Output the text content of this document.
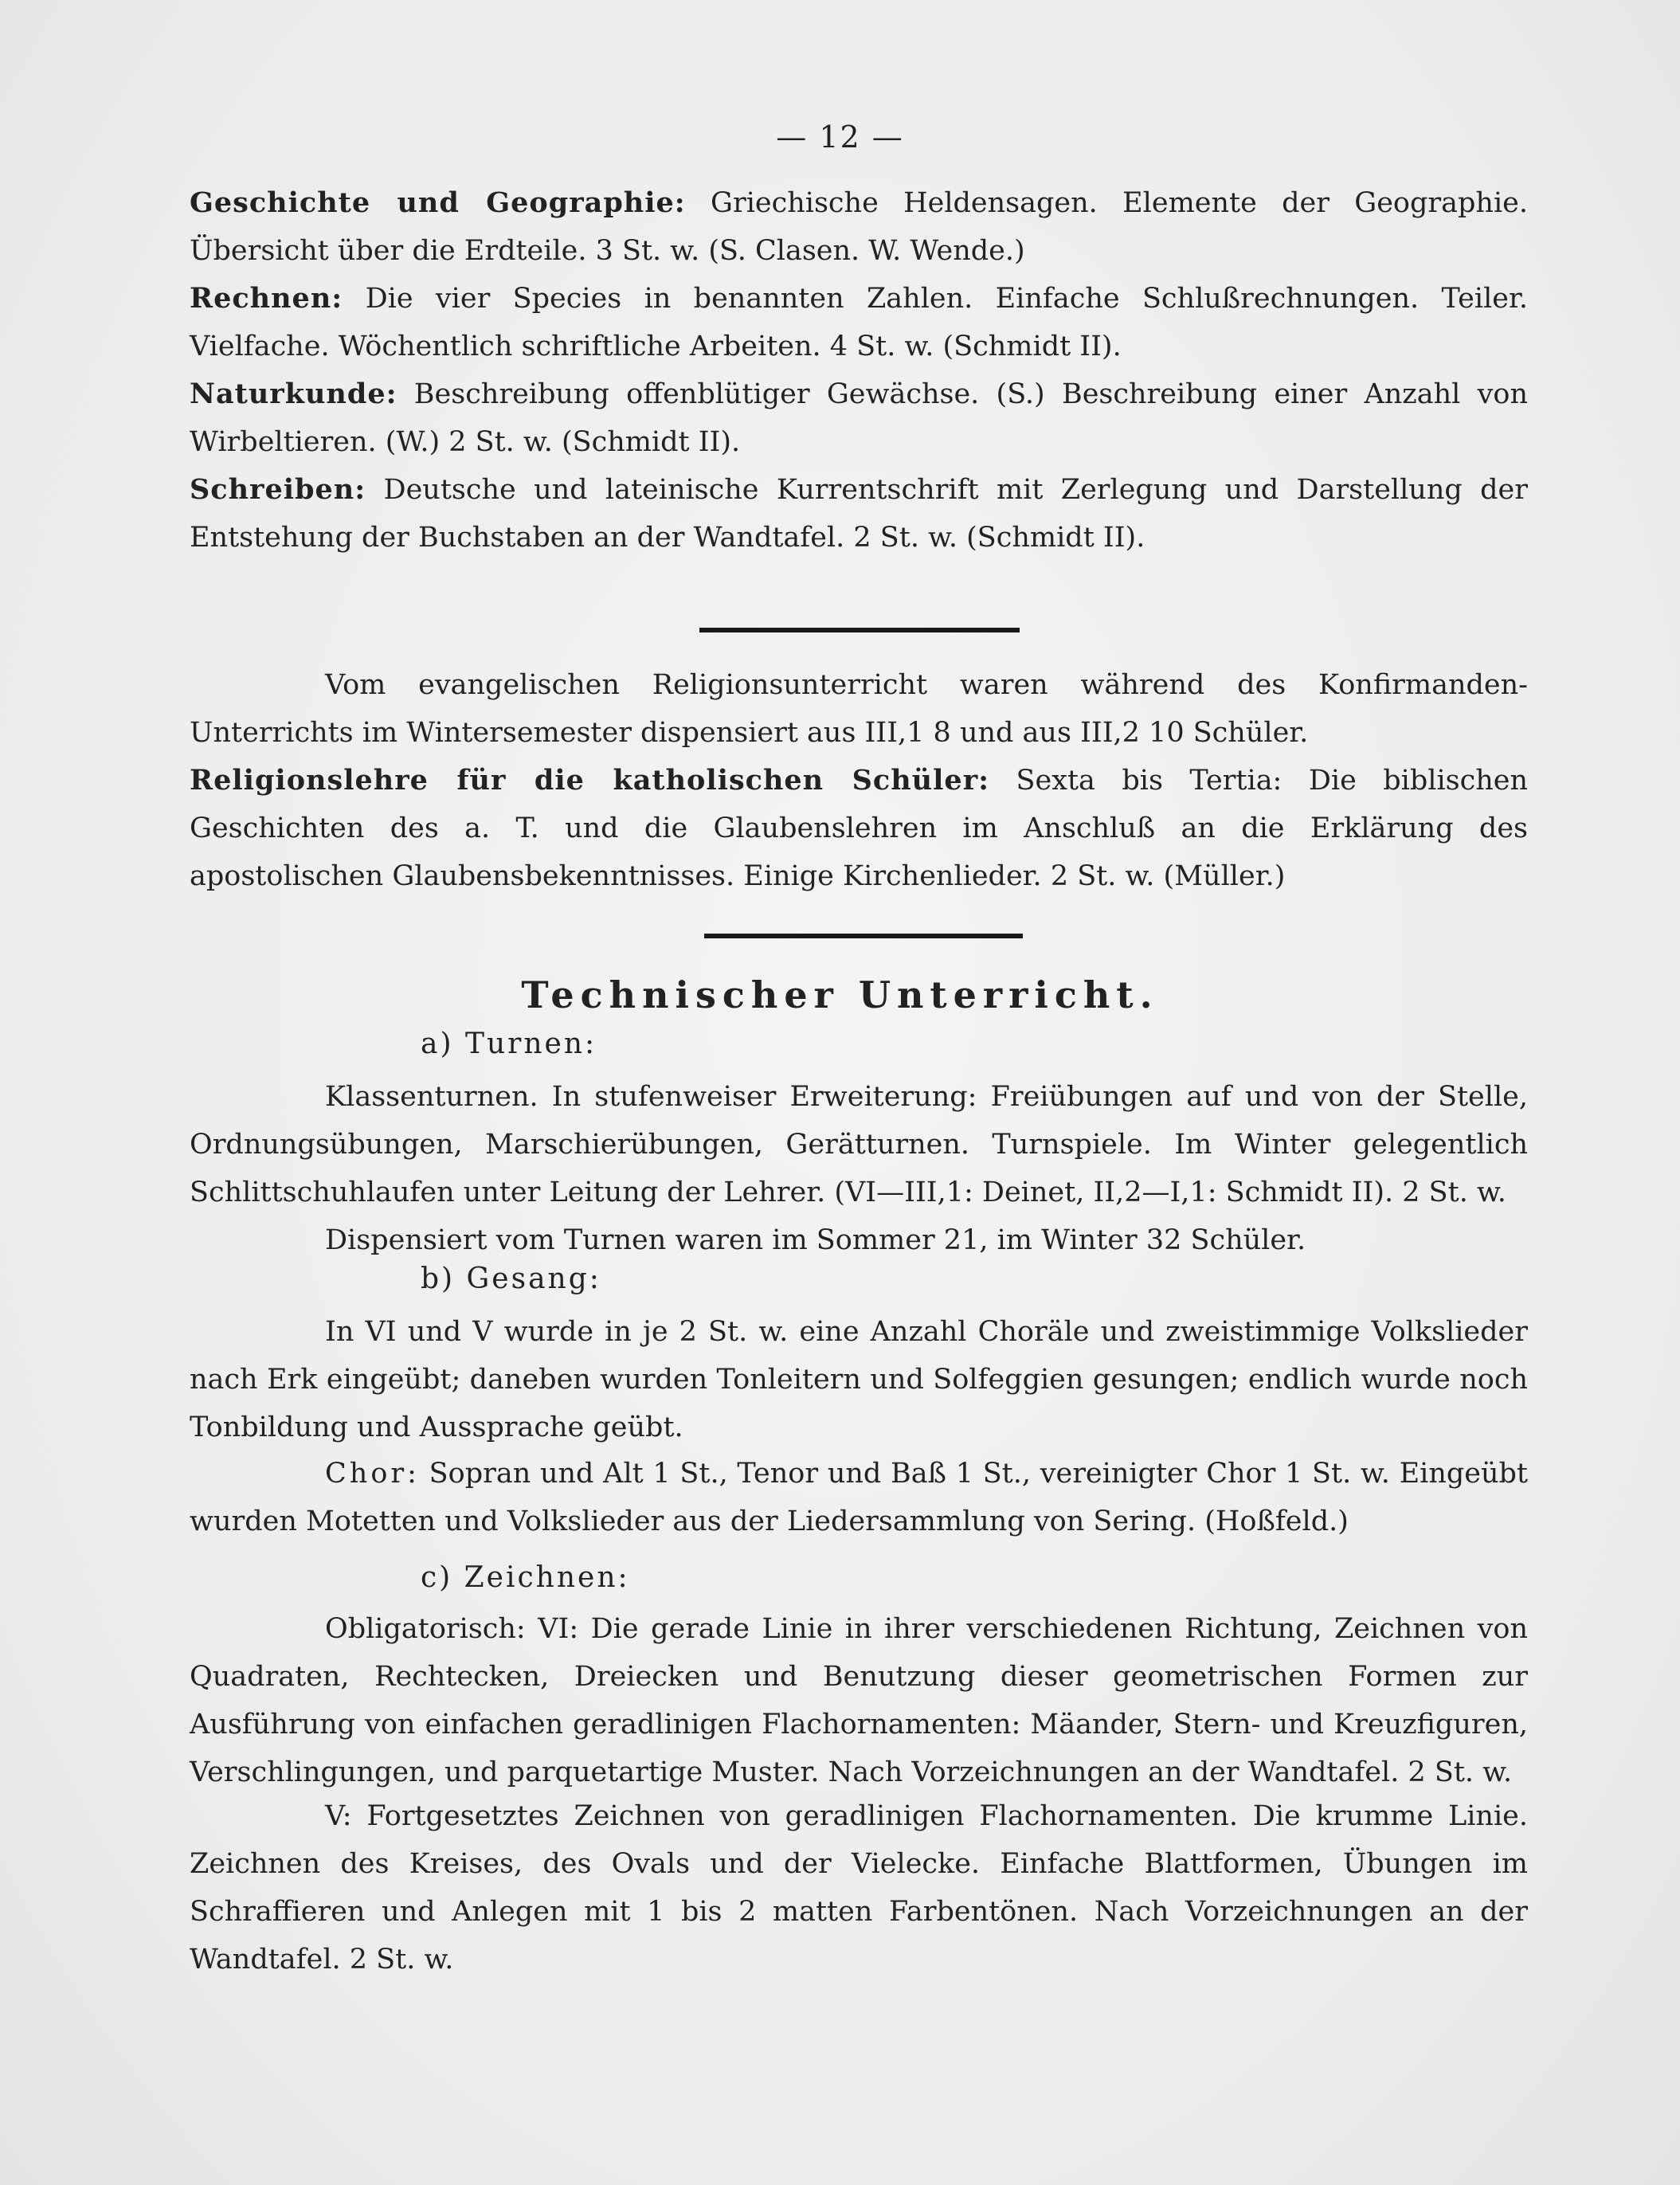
— 12 —

Geschichte und Geographie: Griechische Heldensagen. Elemente der Geographie. Übersicht über die Erdteile. 3 St. w. (S. Clasen. W. Wende.)

Rechnen: Die vier Species in benannten Zahlen. Einfache Schlußrechnungen. Teiler. Vielfache. Wöchentlich schriftliche Arbeiten. 4 St. w. (Schmidt II).

Naturkunde: Beschreibung offenblütiger Gewächse. (S.) Beschreibung einer Anzahl von Wirbeltieren. (W.) 2 St. w. (Schmidt II).

Schreiben: Deutsche und lateinische Kurrentschrift mit Zerlegung und Darstellung der Entstehung der Buchstaben an der Wandtafel. 2 St. w. (Schmidt II).

Vom evangelischen Religionsunterricht waren während des Konfirmanden-Unterrichts im Wintersemester dispensiert aus III,1 8 und aus III,2 10 Schüler.

Religionslehre für die katholischen Schüler: Sexta bis Tertia: Die biblischen Geschichten des a. T. und die Glaubenslehren im Anschluß an die Erklärung des apostolischen Glaubensbekenntnisses. Einige Kirchenlieder. 2 St. w. (Müller.)

Technischer Unterricht.
a) Turnen:

Klassenturnen. In stufenweiser Erweiterung: Freiübungen auf und von der Stelle, Ordnungsübungen, Marschierübungen, Gerätturnen. Turnspiele. Im Winter gelegentlich Schlittschuhlaufen unter Leitung der Lehrer. (VI—III,1: Deinet, II,2—I,1: Schmidt II). 2 St. w.

Dispensiert vom Turnen waren im Sommer 21, im Winter 32 Schüler.

b) Gesang:

In VI und V wurde in je 2 St. w. eine Anzahl Choräle und zweistimmige Volkslieder nach Erk eingeübt; daneben wurden Tonleitern und Solfeggien gesungen; endlich wurde noch Tonbildung und Aussprache geübt.

Chor: Sopran und Alt 1 St., Tenor und Baß 1 St., vereinigter Chor 1 St. w. Eingeübt wurden Motetten und Volkslieder aus der Liedersammlung von Sering. (Hoßfeld.)

c) Zeichnen:

Obligatorisch: VI: Die gerade Linie in ihrer verschiedenen Richtung, Zeichnen von Quadraten, Rechtecken, Dreiecken und Benutzung dieser geometrischen Formen zur Ausführung von einfachen geradlinigen Flachornamenten: Mäander, Stern- und Kreuzfiguren, Verschlingungen, und parquetartige Muster. Nach Vorzeichnungen an der Wandtafel. 2 St. w.

V: Fortgesetztes Zeichnen von geradlinigen Flachornamenten. Die krumme Linie. Zeichnen des Kreises, des Ovals und der Vielecke. Einfache Blattformen, Übungen im Schraffieren und Anlegen mit 1 bis 2 matten Farbentönen. Nach Vorzeichnungen an der Wandtafel. 2 St. w.
